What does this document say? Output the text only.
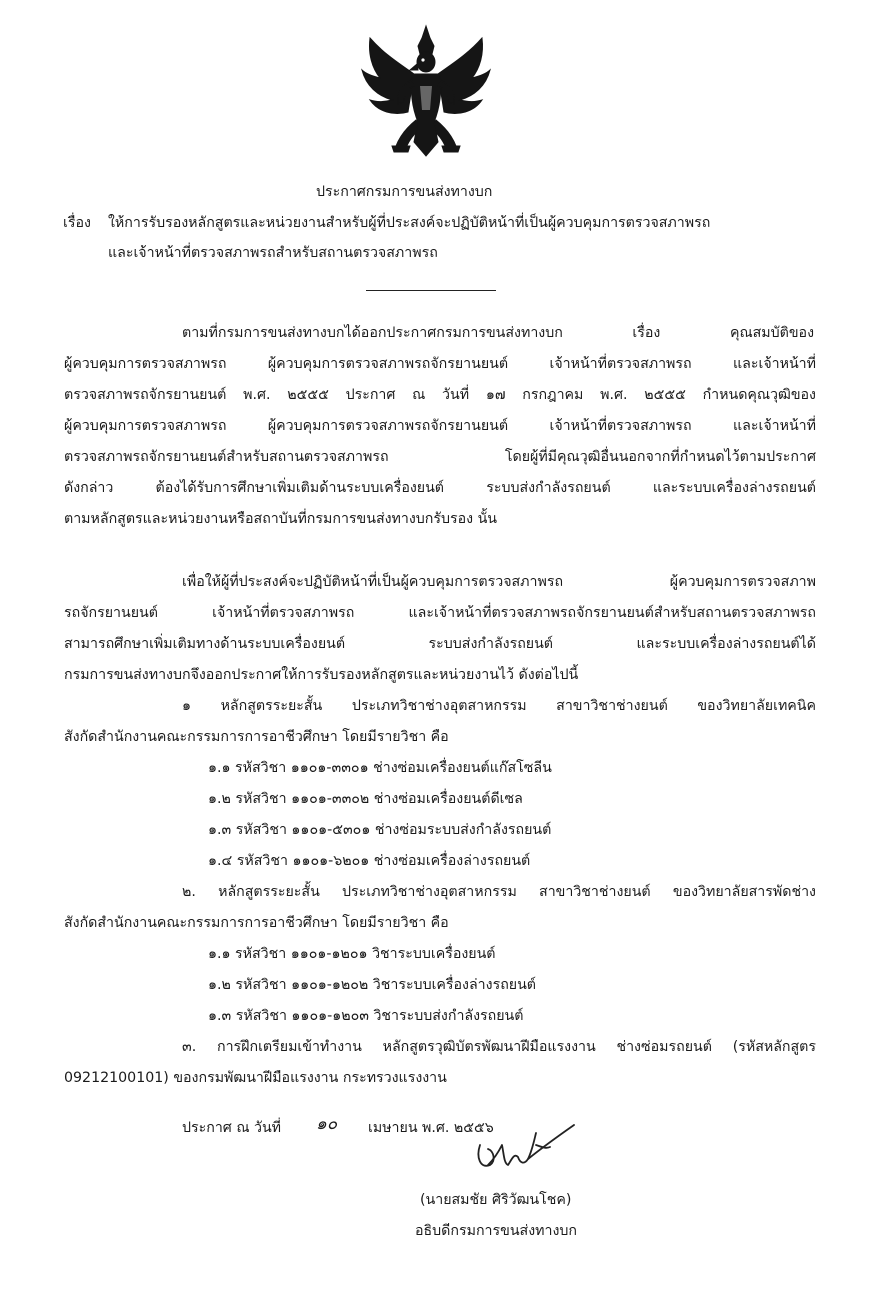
ประกาศกรมการขนส่งทางบก
เรื่อง ให้การรับรองหลักสูตรและหน่วยงานสำหรับผู้ที่ประสงค์จะปฏิบัติหน้าที่เป็นผู้ควบคุมการตรวจสภาพรถ
และเจ้าหน้าที่ตรวจสภาพรถสำหรับสถานตรวจสภาพรถ
ตามที่กรมการขนส่งทางบกได้ออกประกาศกรมการขนส่งทางบก เรื่อง คุณสมบัติของ
ผู้ควบคุมการตรวจสภาพรถ ผู้ควบคุมการตรวจสภาพรถจักรยานยนต์ เจ้าหน้าที่ตรวจสภาพรถ และเจ้าหน้าที่
ตรวจสภาพรถจักรยานยนต์ พ.ศ. ๒๕๕๕ ประกาศ ณ วันที่ ๑๗ กรกฎาคม พ.ศ. ๒๕๕๕ กำหนดคุณวุฒิของ
ผู้ควบคุมการตรวจสภาพรถ ผู้ควบคุมการตรวจสภาพรถจักรยานยนต์ เจ้าหน้าที่ตรวจสภาพรถ และเจ้าหน้าที่
ตรวจสภาพรถจักรยานยนต์สำหรับสถานตรวจสภาพรถ โดยผู้ที่มีคุณวุฒิอื่นนอกจากที่กำหนดไว้ตามประกาศ
ดังกล่าว ต้องได้รับการศึกษาเพิ่มเติมด้านระบบเครื่องยนต์ ระบบส่งกำลังรถยนต์ และระบบเครื่องล่างรถยนต์
ตามหลักสูตรและหน่วยงานหรือสถาบันที่กรมการขนส่งทางบกรับรอง นั้น
เพื่อให้ผู้ที่ประสงค์จะปฏิบัติหน้าที่เป็นผู้ควบคุมการตรวจสภาพรถ ผู้ควบคุมการตรวจสภาพ
รถจักรยานยนต์ เจ้าหน้าที่ตรวจสภาพรถ และเจ้าหน้าที่ตรวจสภาพรถจักรยานยนต์สำหรับสถานตรวจสภาพรถ
สามารถศึกษาเพิ่มเติมทางด้านระบบเครื่องยนต์ ระบบส่งกำลังรถยนต์ และระบบเครื่องล่างรถยนต์ได้
กรมการขนส่งทางบกจึงออกประกาศให้การรับรองหลักสูตรและหน่วยงานไว้ ดังต่อไปนี้
๑ หลักสูตรระยะสั้น ประเภทวิชาช่างอุตสาหกรรม สาขาวิชาช่างยนต์ ของวิทยาลัยเทคนิค
สังกัดสำนักงานคณะกรรมการการอาชีวศึกษา โดยมีรายวิชา คือ
๑.๑ รหัสวิชา ๑๑๐๑-๓๓๐๑ ช่างซ่อมเครื่องยนต์แก๊สโซลีน
๑.๒ รหัสวิชา ๑๑๐๑-๓๓๐๒ ช่างซ่อมเครื่องยนต์ดีเซล
๑.๓ รหัสวิชา ๑๑๐๑-๕๓๐๑ ช่างซ่อมระบบส่งกำลังรถยนต์
๑.๔ รหัสวิชา ๑๑๐๑-๖๒๐๑ ช่างซ่อมเครื่องล่างรถยนต์
๒. หลักสูตรระยะสั้น ประเภทวิชาช่างอุตสาหกรรม สาขาวิชาช่างยนต์ ของวิทยาลัยสารพัดช่าง
สังกัดสำนักงานคณะกรรมการการอาชีวศึกษา โดยมีรายวิชา คือ
๑.๑ รหัสวิชา ๑๑๐๑-๑๒๐๑ วิชาระบบเครื่องยนต์
๑.๒ รหัสวิชา ๑๑๐๑-๑๒๐๒ วิชาระบบเครื่องล่างรถยนต์
๑.๓ รหัสวิชา ๑๑๐๑-๑๒๐๓ วิชาระบบส่งกำลังรถยนต์
๓. การฝึกเตรียมเข้าทำงาน หลักสูตรวุฒิบัตรพัฒนาฝีมือแรงงาน ช่างซ่อมรถยนต์ (รหัสหลักสูตร
09212100101) ของกรมพัฒนาฝีมือแรงงาน กระทรวงแรงงาน
ประกาศ ณ วันที่ ๑๐ เมษายน พ.ศ. ๒๕๕๖
(นายสมชัย ศิริวัฒนโชค)
อธิบดีกรมการขนส่งทางบก
